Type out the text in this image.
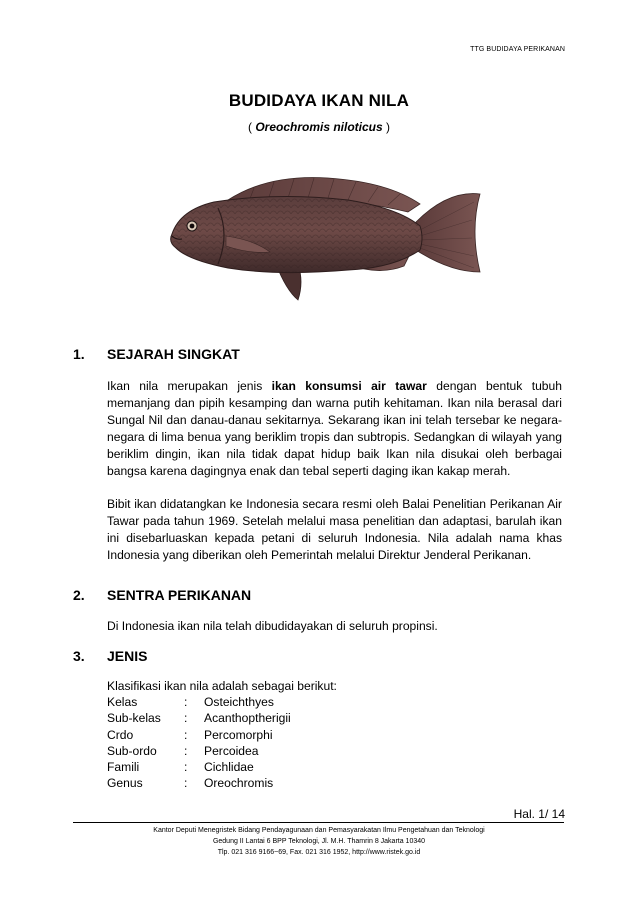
TTG BUDIDAYA PERIKANAN
BUDIDAYA IKAN NILA
( Oreochromis niloticus )
1. SEJARAH SINGKAT

Ikan nila merupakan jenis ikan konsumsi air tawar dengan bentuk tubuh memanjang dan pipih kesamping dan warna putih kehitaman. Ikan nila berasal dari Sungal Nil dan danau-danau sekitarnya. Sekarang ikan ini telah tersebar ke negara-negara di lima benua yang beriklim tropis dan subtropis. Sedangkan di wilayah yang beriklim dingin, ikan nila tidak dapat hidup baik Ikan nila disukai oleh berbagai bangsa karena dagingnya enak dan tebal seperti daging ikan kakap merah.

Bibit ikan didatangkan ke Indonesia secara resmi oleh Balai Penelitian Perikanan Air Tawar pada tahun 1969. Setelah melalui masa penelitian dan adaptasi, barulah ikan ini disebarluaskan kepada petani di seluruh Indonesia. Nila adalah nama khas Indonesia yang diberikan oleh Pemerintah melalui Direktur Jenderal Perikanan.

2. SENTRA PERIKANAN

Di Indonesia ikan nila telah dibudidayakan di seluruh propinsi.

3. JENIS
Klasifikasi ikan nila adalah sebagai berikut:
Kelas	:	Osteichthyes
Sub-kelas	:	Acanthoptherigii
Crdo	:	Percomorphi
Sub-ordo	:	Percoidea
Famili	:	Cichlidae
Genus	:	Oreochromis
Hal. 1/ 14
Kantor Deputi Menegristek Bidang Pendayagunaan dan Pemasyarakatan Ilmu Pengetahuan dan Teknologi
Gedung II Lantai 6 BPP Teknologi, Jl. M.H. Thamrin 8 Jakarta 10340
Tlp. 021 316 9166~69, Fax. 021 316 1952, http://www.ristek.go.id
